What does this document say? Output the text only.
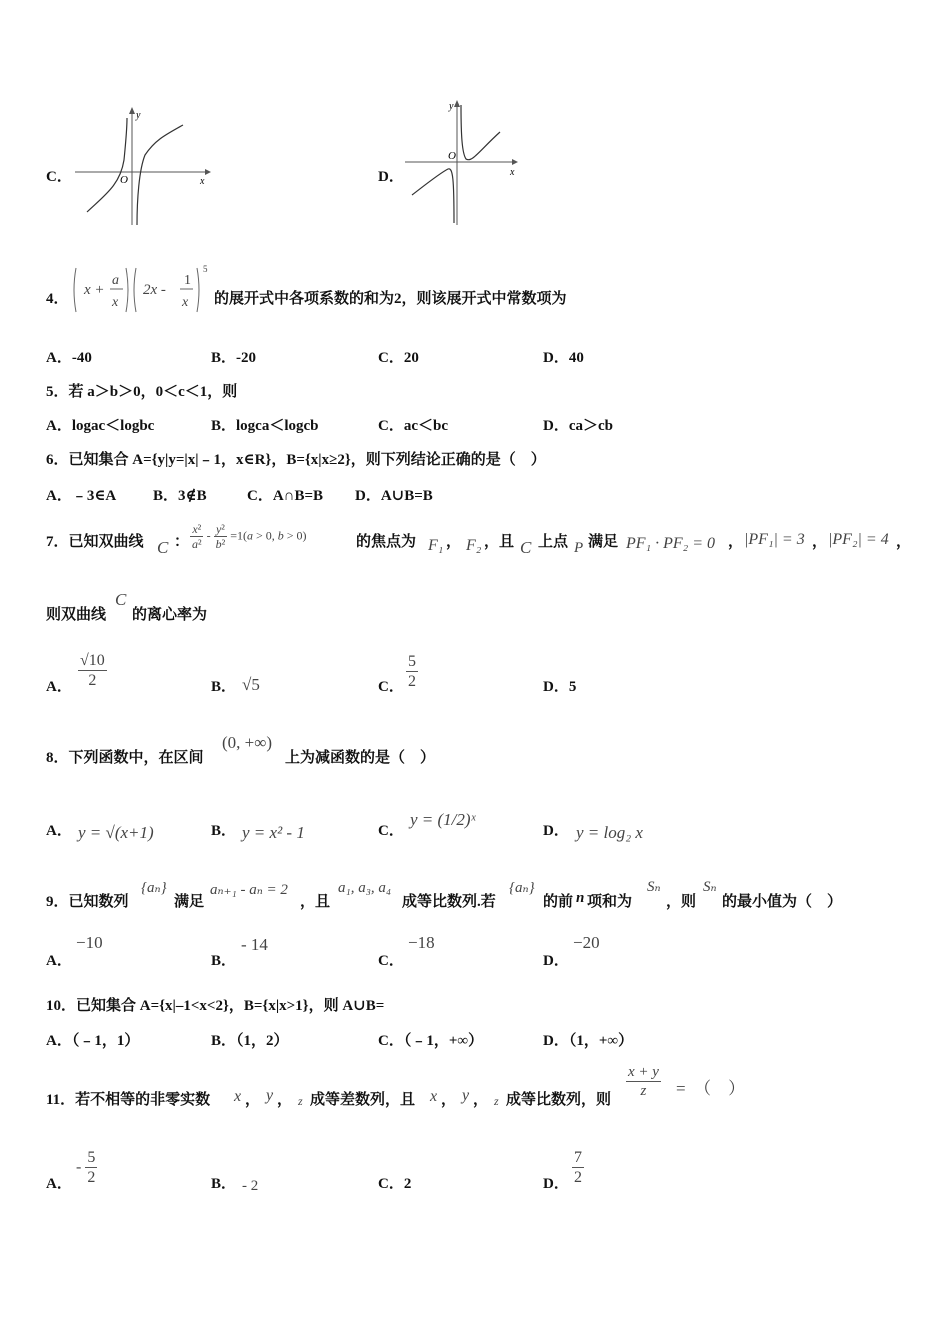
C．
y
x
O	D．
y
x
O
4．
x +
a
x
2x -
1
x
5
的展开式中各项系数的和为2，则该展开式中常数项为
A．-40	B．-20	C．20	D．40
5．若 a＞b＞0，0＜c＜1，则
A．logac＜logbc	B．logca＜logcb	C．ac＜bc	D．ca＞cb
6．已知集合 A={y|y=|x|﹣1，x∈R}，B={x|x≥2}，则下列结论正确的是（　）
A．﹣3∈A B．3∉B	C．A∩B=B D．A∪B=B
7．已知双曲线 C ： $\frac{\text{x²}}{\text{a²}} - \frac{\text{y²}}{\text{b²}} =1(a > 0$, b > 0)	的焦点为 F₁ ， F₂ ，且 C 上点 P 满足 PF₁ · PF₂ = 0 ， |PF₁| = 3 ， |PF₂| = 4 ，
则双曲线
C
的离心率为
A． $\frac{√10}{2}$	B． √5	C． $\frac{5}{2}$	D．5
8．下列函数中，在区间
(0, +∞)
上为减函数的是（　）
A． y = √(x+1)	B． y = x² - 1	C．
y = (1/2)ˣ
D． y = log₂ x
9．已知数列
{aₙ}
满足
aₙ₊₁ - aₙ = 2
，且
a₁, a₃, a₄
成等比数列.若
{aₙ}
的前 n 项和为
Sₙ
，则
Sₙ
的最小值为（　）
A．
−10
B．
- 14
C．
−18
D．
−20
10．已知集合 A={x|–1<x<2}，B={x|x>1}，则 A∪B=
A．（﹣1，1）	B．（1，2）	C．（﹣1，+∞）	D．（1，+∞）
11．若不相等的非零实数 x ， y ， z 成等差数列，且 x ， y ， z 成等比数列，则 $\frac{x + y}{z}$ =　（　）
A．
- $\frac{5}{2}$	B． - 2	C．2	D． $\frac{7}{2}$
